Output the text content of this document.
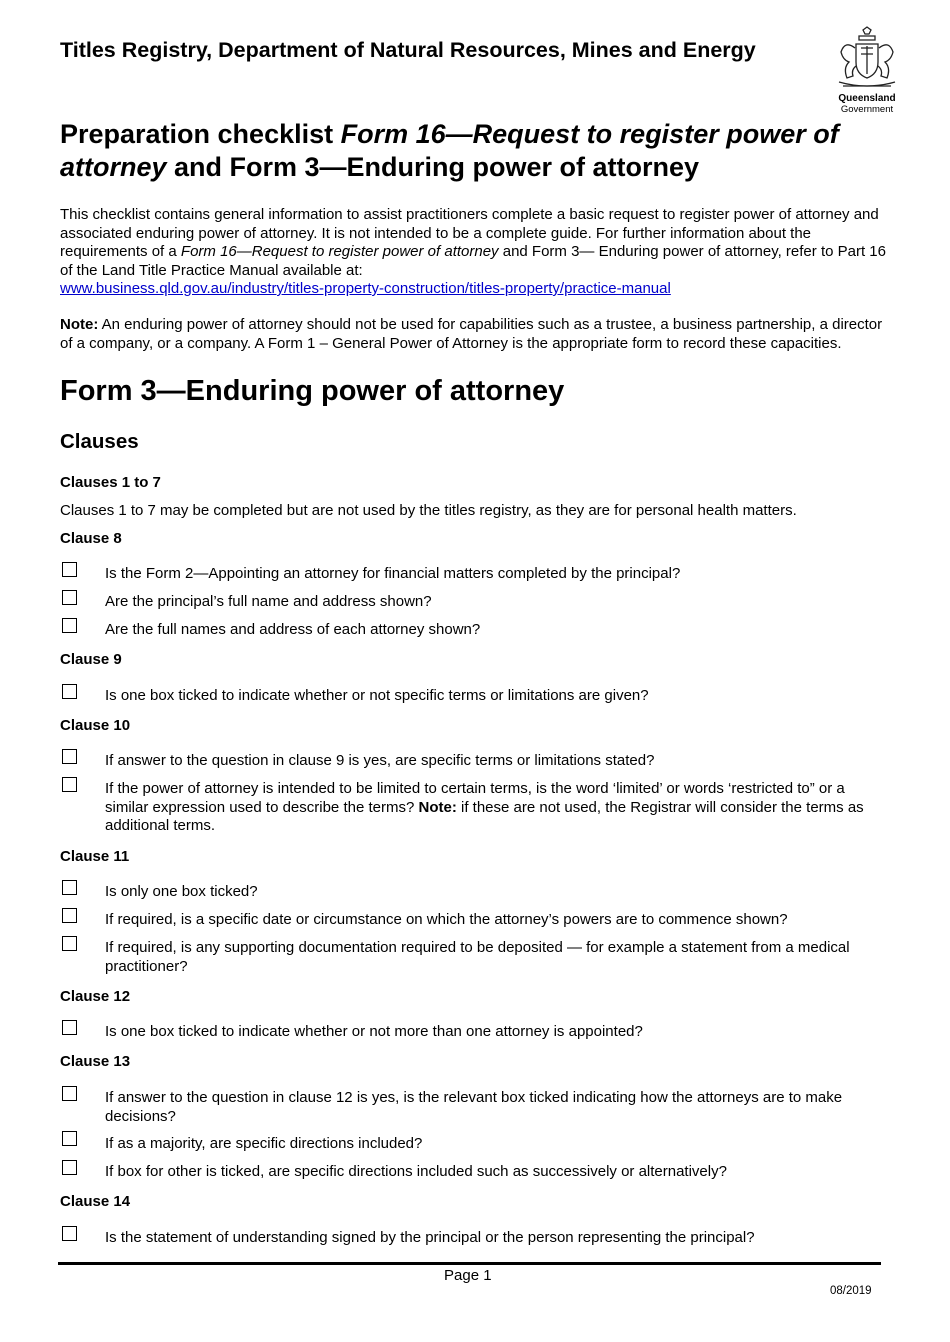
Titles Registry, Department of Natural Resources, Mines and Energy
Queensland
Government
Preparation checklist Form 16—Request to register power of attorney and Form 3—Enduring power of attorney
This checklist contains general information to assist practitioners complete a basic request to register power of attorney and associated enduring power of attorney. It is not intended to be a complete guide. For further information about the requirements of a Form 16—Request to register power of attorney and Form 3— Enduring power of attorney, refer to Part 16 of the Land Title Practice Manual available at:
www.business.qld.gov.au/industry/titles-property-construction/titles-property/practice-manual
Note: An enduring power of attorney should not be used for capabilities such as a trustee, a business partnership, a director of a company, or a company. A Form 1 – General Power of Attorney is the appropriate form to record these capacities.
Form 3—Enduring power of attorney
Clauses
Clauses 1 to 7
Clauses 1 to 7 may be completed but are not used by the titles registry, as they are for personal health matters.
Clause 8
Is the Form 2—Appointing an attorney for financial matters completed by the principal?
Are the principal’s full name and address shown?
Are the full names and address of each attorney shown?
Clause 9
Is one box ticked to indicate whether or not specific terms or limitations are given?
Clause 10
If answer to the question in clause 9 is yes, are specific terms or limitations stated?
If the power of attorney is intended to be limited to certain terms, is the word ‘limited’ or words ‘restricted to” or a similar expression used to describe the terms? Note: if these are not used, the Registrar will consider the terms as additional terms.
Clause 11
Is only one box ticked?
If required, is a specific date or circumstance on which the attorney’s powers are to commence shown?
If required, is any supporting documentation required to be deposited — for example a statement from a medical practitioner?
Clause 12
Is one box ticked to indicate whether or not more than one attorney is appointed?
Clause 13
If answer to the question in clause 12 is yes, is the relevant box ticked indicating how the attorneys are to make decisions?
If as a majority, are specific directions included?
If box for other is ticked, are specific directions included such as successively or alternatively?
Clause 14
Is the statement of understanding signed by the principal or the person representing the principal?
Page 1
08/2019
